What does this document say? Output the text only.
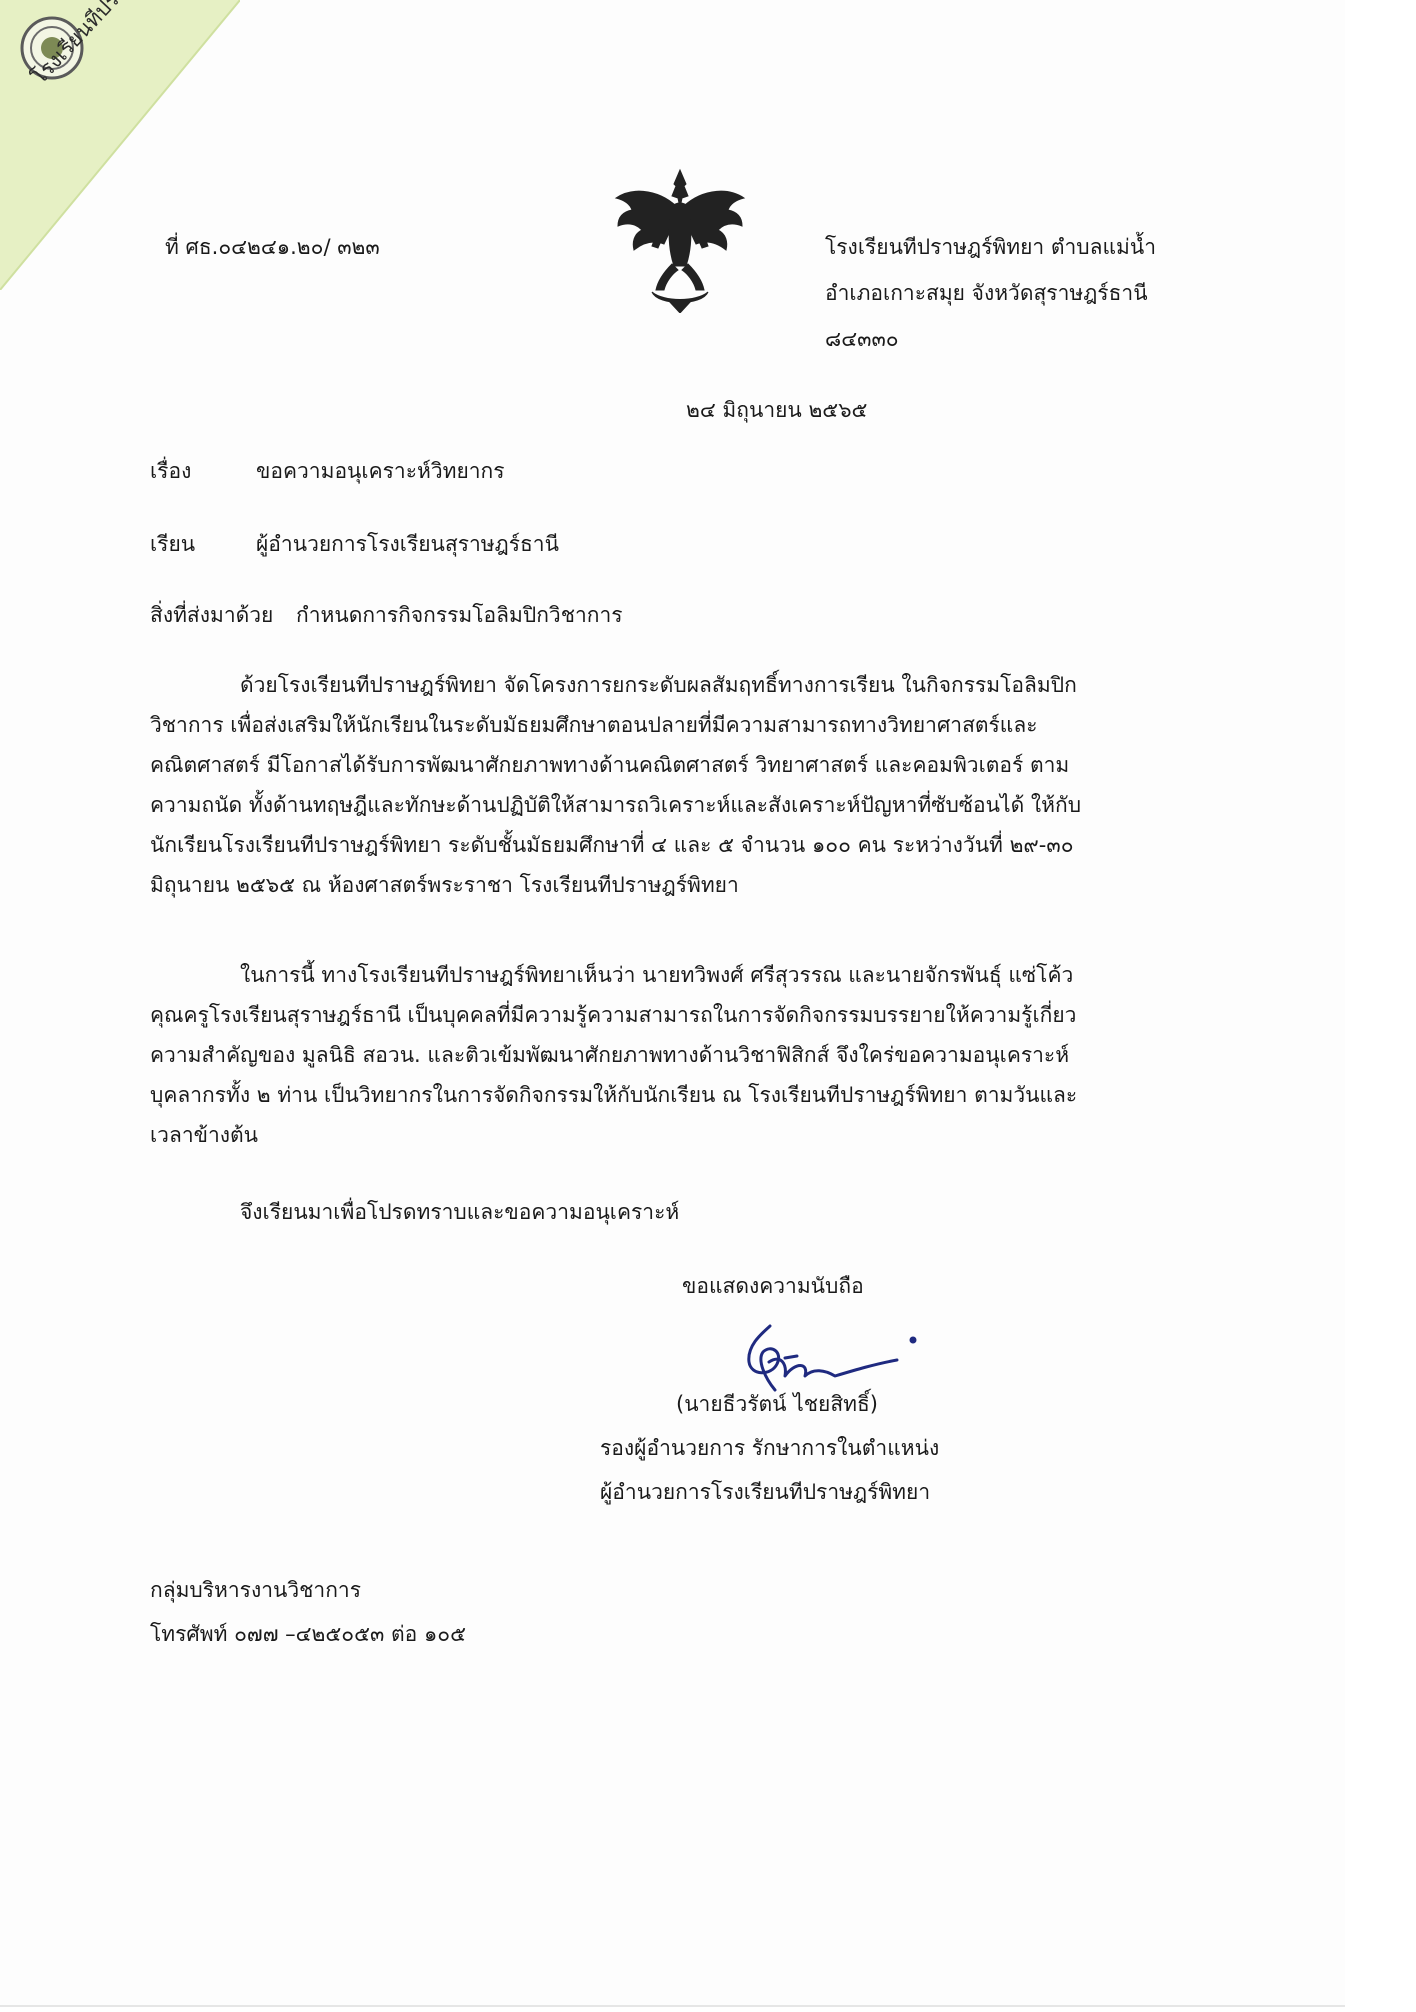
ที่ ศธ.๐๔๒๔๑.๒๐/ ๓๒๓	โรงเรียนทีปราษฎร์พิทยา ตำบลแม่น้ำ
อำเภอเกาะสมุย จังหวัดสุราษฎร์ธานี
๘๔๓๓๐
๒๔ มิถุนายน ๒๕๖๕
เรื่อง	ขอความอนุเคราะห์วิทยากร
เรียน	ผู้อำนวยการโรงเรียนสุราษฎร์ธานี
สิ่งที่ส่งมาด้วย กำหนดการกิจกรรมโอลิมปิกวิชาการ
ด้วยโรงเรียนทีปราษฎร์พิทยา จัดโครงการยกระดับผลสัมฤทธิ์ทางการเรียน ในกิจกรรมโอลิมปิก
วิชาการ เพื่อส่งเสริมให้นักเรียนในระดับมัธยมศึกษาตอนปลายที่มีความสามารถทางวิทยาศาสตร์และ
คณิตศาสตร์ มีโอกาสได้รับการพัฒนาศักยภาพทางด้านคณิตศาสตร์ วิทยาศาสตร์ และคอมพิวเตอร์ ตาม
ความถนัด ทั้งด้านทฤษฎีและทักษะด้านปฏิบัติให้สามารถวิเคราะห์และสังเคราะห์ปัญหาที่ซับซ้อนได้ ให้กับ
นักเรียนโรงเรียนทีปราษฎร์พิทยา ระดับชั้นมัธยมศึกษาที่ ๔ และ ๕ จำนวน ๑๐๐ คน ระหว่างวันที่ ๒๙-๓๐
มิถุนายน ๒๕๖๕ ณ ห้องศาสตร์พระราชา โรงเรียนทีปราษฎร์พิทยา
ในการนี้ ทางโรงเรียนทีปราษฎร์พิทยาเห็นว่า นายทวิพงศ์ ศรีสุวรรณ และนายจักรพันธุ์ แซ่โค้ว
คุณครูโรงเรียนสุราษฎร์ธานี เป็นบุคคลที่มีความรู้ความสามารถในการจัดกิจกรรมบรรยายให้ความรู้เกี่ยว
ความสำคัญของ มูลนิธิ สอวน. และติวเข้มพัฒนาศักยภาพทางด้านวิชาฟิสิกส์ จึงใคร่ขอความอนุเคราะห์
บุคลากรทั้ง ๒ ท่าน เป็นวิทยากรในการจัดกิจกรรมให้กับนักเรียน ณ โรงเรียนทีปราษฎร์พิทยา ตามวันและ
เวลาข้างต้น
จึงเรียนมาเพื่อโปรดทราบและขอความอนุเคราะห์
ขอแสดงความนับถือ
(นายธีวรัตน์ ไชยสิทธิ์)
รองผู้อำนวยการ รักษาการในตำแหน่ง
ผู้อำนวยการโรงเรียนทีปราษฎร์พิทยา
กลุ่มบริหารงานวิชาการ
โทรศัพท์ ๐๗๗ –๔๒๕๐๕๓ ต่อ ๑๐๕
